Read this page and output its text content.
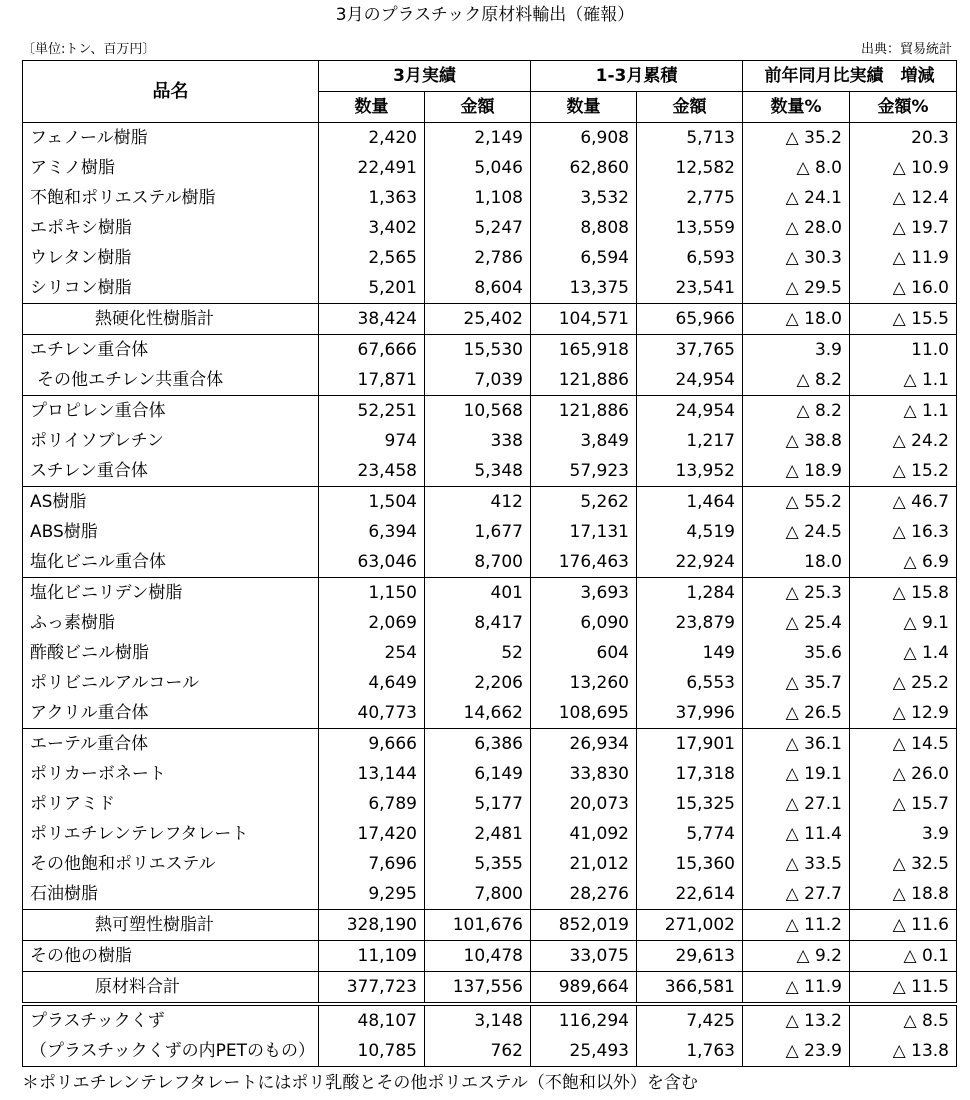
3月のプラスチック原材料輸出（確報）
〔単位:トン、百万円〕	出典：貿易統計
品名	3月実績		1-3月累積		前年同月比実績　増減	
	数量	金額	数量	金額	数量%	金額%
フェノール樹脂	2,420	2,149	6,908	5,713	△ 35.2	20.3
アミノ樹脂	22,491	5,046	62,860	12,582	△ 8.0	△ 10.9
不飽和ポリエステル樹脂	1,363	1,108	3,532	2,775	△ 24.1	△ 12.4
エポキシ樹脂	3,402	5,247	8,808	13,559	△ 28.0	△ 19.7
ウレタン樹脂	2,565	2,786	6,594	6,593	△ 30.3	△ 11.9
シリコン樹脂	5,201	8,604	13,375	23,541	△ 29.5	△ 16.0
熱硬化性樹脂計	38,424	25,402	104,571	65,966	△ 18.0	△ 15.5
エチレン重合体	67,666	15,530	165,918	37,765	3.9	11.0
その他エチレン共重合体	17,871	7,039	121,886	24,954	△ 8.2	△ 1.1
プロピレン重合体	52,251	10,568	121,886	24,954	△ 8.2	△ 1.1
ポリイソブレチン	974	338	3,849	1,217	△ 38.8	△ 24.2
スチレン重合体	23,458	5,348	57,923	13,952	△ 18.9	△ 15.2
AS樹脂	1,504	412	5,262	1,464	△ 55.2	△ 46.7
ABS樹脂	6,394	1,677	17,131	4,519	△ 24.5	△ 16.3
塩化ビニル重合体	63,046	8,700	176,463	22,924	18.0	△ 6.9
塩化ビニリデン樹脂	1,150	401	3,693	1,284	△ 25.3	△ 15.8
ふっ素樹脂	2,069	8,417	6,090	23,879	△ 25.4	△ 9.1
酢酸ビニル樹脂	254	52	604	149	35.6	△ 1.4
ポリビニルアルコール	4,649	2,206	13,260	6,553	△ 35.7	△ 25.2
アクリル重合体	40,773	14,662	108,695	37,996	△ 26.5	△ 12.9
エーテル重合体	9,666	6,386	26,934	17,901	△ 36.1	△ 14.5
ポリカーボネート	13,144	6,149	33,830	17,318	△ 19.1	△ 26.0
ポリアミド	6,789	5,177	20,073	15,325	△ 27.1	△ 15.7
ポリエチレンテレフタレート	17,420	2,481	41,092	5,774	△ 11.4	3.9
その他飽和ポリエステル	7,696	5,355	21,012	15,360	△ 33.5	△ 32.5
石油樹脂	9,295	7,800	28,276	22,614	△ 27.7	△ 18.8
熱可塑性樹脂計	328,190	101,676	852,019	271,002	△ 11.2	△ 11.6
その他の樹脂	11,109	10,478	33,075	29,613	△ 9.2	△ 0.1
原材料合計	377,723	137,556	989,664	366,581	△ 11.9	△ 11.5
プラスチックくず	48,107	3,148	116,294	7,425	△ 13.2	△ 8.5
（プラスチックくずの内PETのもの）	10,785	762	25,493	1,763	△ 23.9	△ 13.8
＊ポリエチレンテレフタレートにはポリ乳酸とその他ポリエステル（不飽和以外）を含む
